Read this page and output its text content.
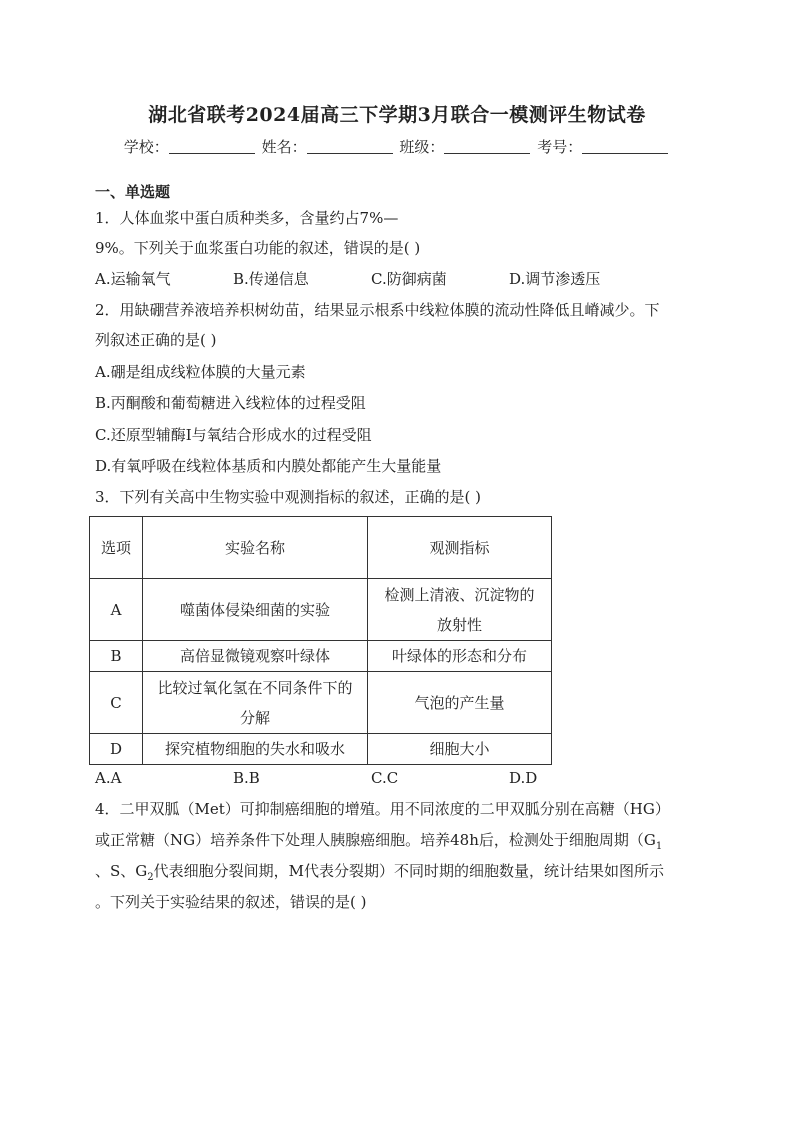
湖北省联考2024届高三下学期3月联合一模测评生物试卷
学校：	姓名：	班级：	考号：
一、单选题
1．人体血浆中蛋白质种类多，含量约占7%—
9%。下列关于血浆蛋白功能的叙述，错误的是( )
A.运输氧气	B.传递信息	C.防御病菌	D.调节渗透压
2．用缺硼营养液培养枳树幼苗，结果显示根系中线粒体膜的流动性降低且嵴减少。下
列叙述正确的是( )
A.硼是组成线粒体膜的大量元素
B.丙酮酸和葡萄糖进入线粒体的过程受阻
C.还原型辅酶Ⅰ与氧结合形成水的过程受阻
D.有氧呼吸在线粒体基质和内膜处都能产生大量能量
3．下列有关高中生物实验中观测指标的叙述，正确的是( )
选项	实验名称	观测指标
A	噬菌体侵染细菌的实验	检测上清液、沉淀物的放射性
B	高倍显微镜观察叶绿体	叶绿体的形态和分布
C	比较过氧化氢在不同条件下的分解	气泡的产生量
D	探究植物细胞的失水和吸水	细胞大小
A.A	B.B	C.C	D.D
4．二甲双胍（Met）可抑制癌细胞的增殖。用不同浓度的二甲双胍分别在高糖（HG）
或正常糖（NG）培养条件下处理人胰腺癌细胞。培养48h后，检测处于细胞周期（$G_1$
、S、$G_2$代表细胞分裂间期，M代表分裂期）不同时期的细胞数量，统计结果如图所示
。下列关于实验结果的叙述，错误的是( )
